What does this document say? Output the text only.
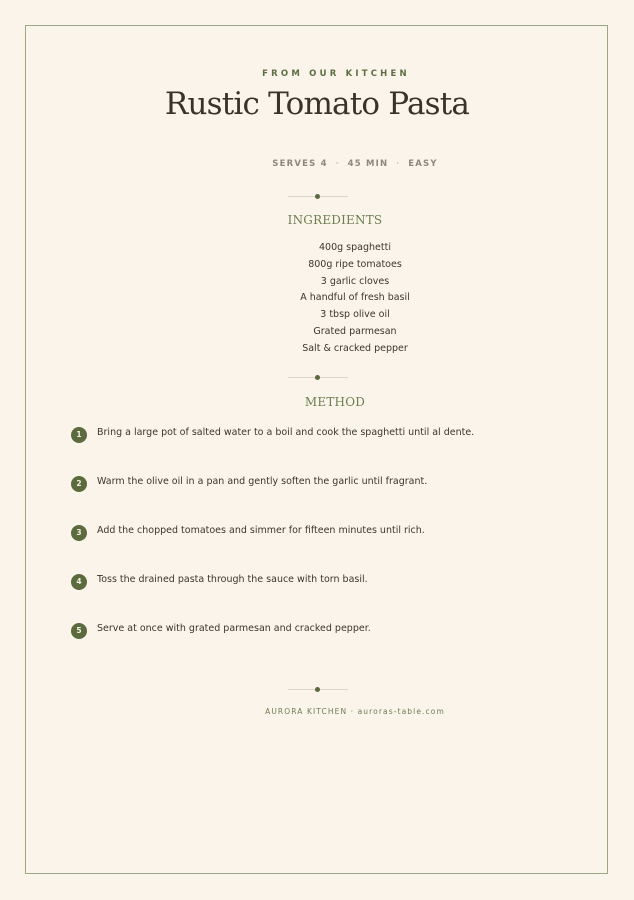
FROM OUR KITCHEN
Rustic Tomato Pasta
SERVES 4 · 45 MIN · EASY
INGREDIENTS
400g spaghetti
800g ripe tomatoes
3 garlic cloves
A handful of fresh basil
3 tbsp olive oil
Grated parmesan
Salt & cracked pepper
METHOD
1	Bring a large pot of salted water to a boil and cook the spaghetti until al dente.
2	Warm the olive oil in a pan and gently soften the garlic until fragrant.
3	Add the chopped tomatoes and simmer for fifteen minutes until rich.
4	Toss the drained pasta through the sauce with torn basil.
5	Serve at once with grated parmesan and cracked pepper.
AURORA KITCHEN · auroras-table.com
